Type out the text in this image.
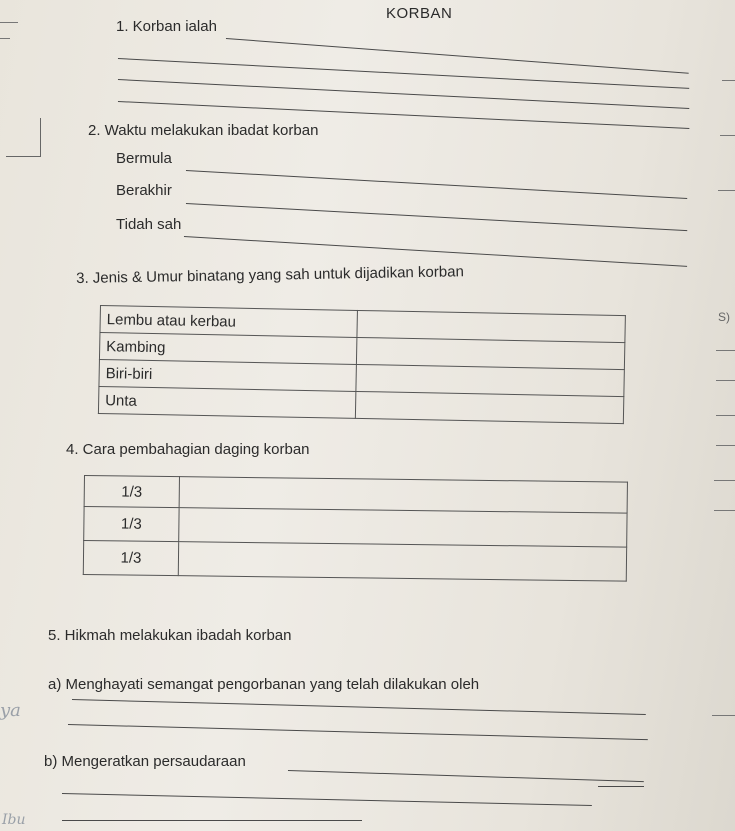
KORBAN
1. Korban ialah
2. Waktu melakukan ibadat korban
Bermula
Berakhir
Tidah sah
3. Jenis & Umur binatang yang sah untuk dijadikan korban
Lembu atau kerbau	
Kambing	
Biri-biri	
Unta	
4. Cara pembahagian daging korban
1/3	
1/3	
1/3	
5. Hikmah melakukan ibadah korban
a) Menghayati semangat pengorbanan yang telah dilakukan oleh
b) Mengeratkan persaudaraan
ya
Ibu
S)
